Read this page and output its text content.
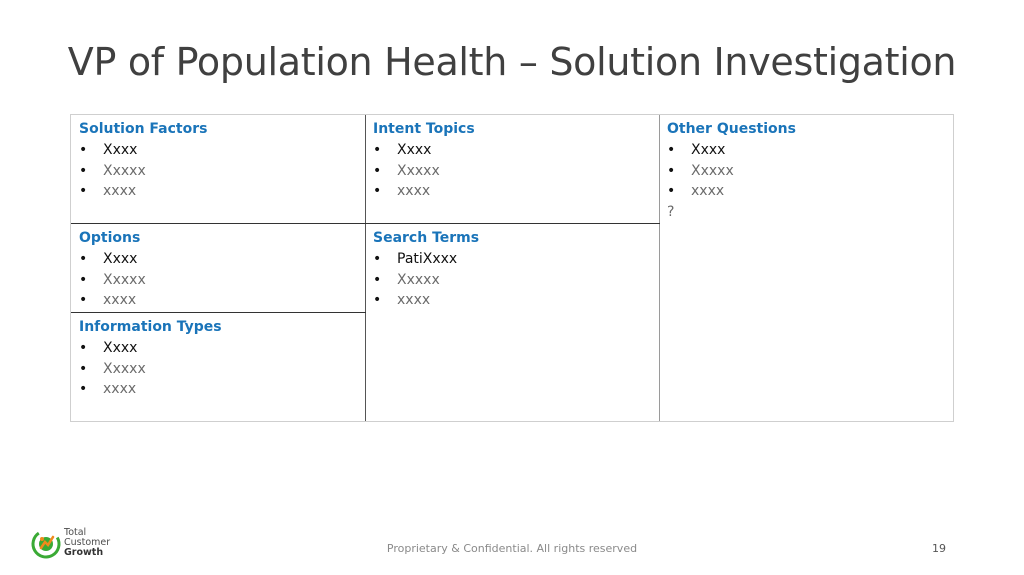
VP of Population Health – Solution Investigation
Solution Factors
• Xxxx
• Xxxxx
• xxxx
Intent Topics
• Xxxx
• Xxxxx
• xxxx
Other Questions
• Xxxx
• Xxxxx
• xxxx
?
Options
• Xxxx
• Xxxxx
• xxxx
Search Terms
• PatiXxxx
• Xxxxx
• xxxx
Information Types
• Xxxx
• Xxxxx
• xxxx
Total
Customer
Growth	Proprietary & Confidential. All rights reserved	19
